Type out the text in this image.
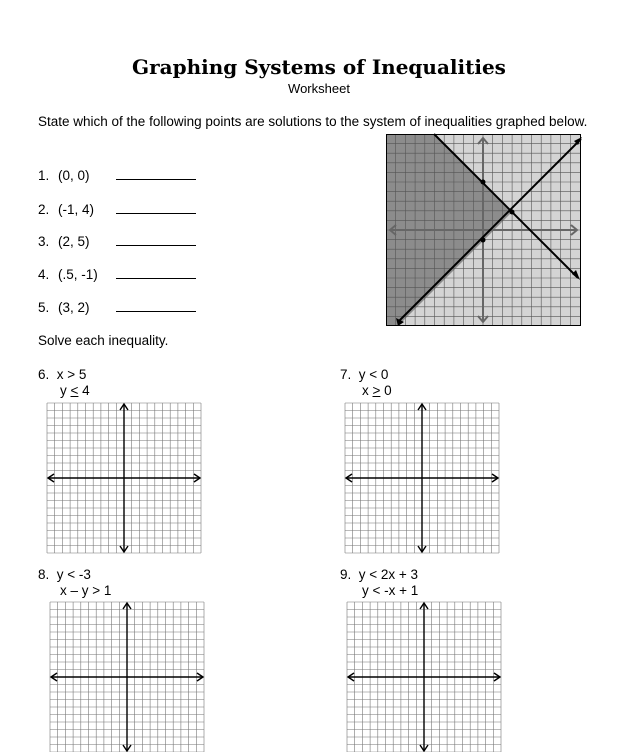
Graphing Systems of Inequalities
Worksheet
State which of the following points are solutions to the system of inequalities graphed below.
1. (0, 0)
2. (-1, 4)
3. (2, 5)
4. (.5, -1)
5. (3, 2)
Solve each inequality.
6. x > 5
y < 4
7. y < 0
x > 0
8. y < -3
x – y > 1
9. y < 2x + 3
y < -x + 1
